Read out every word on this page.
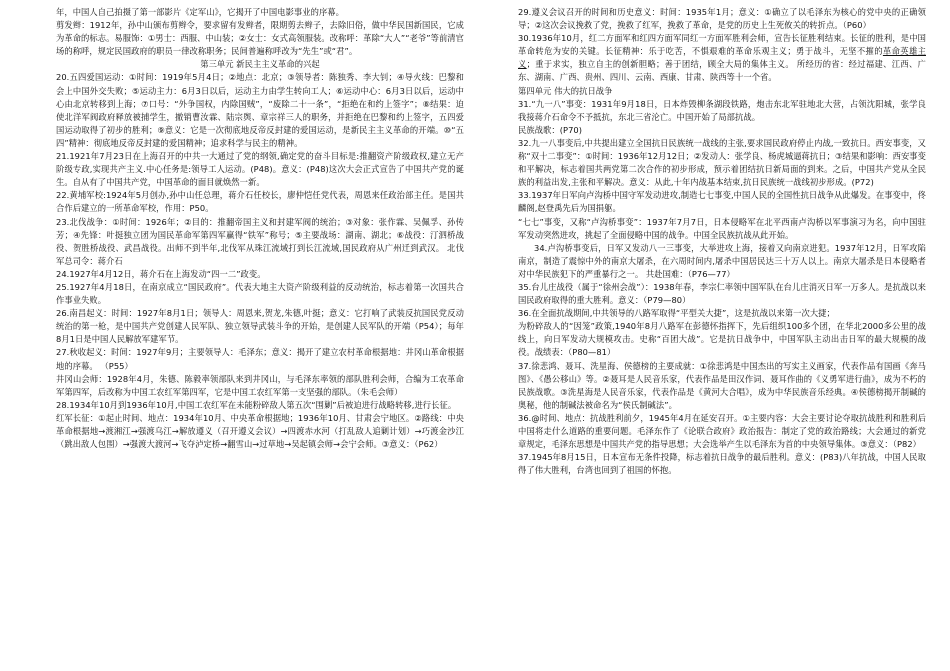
年，中国人自己拍摄了第一部影片《定军山》，它揭开了中国电影事业的序幕。

剪发辫：1912年，孙中山颁布剪辫令，要求留有发辫者，限期剪去辫子，去除旧俗，做中华民国新国民，它成为革命的标志。易服饰：①男士：西服、中山装；②女士：女式高领服装。改称呼：革除“大人”“老爷”等前清官场的称呼，规定民国政府的职员一律改称职务；民间普遍称呼改为“先生”或“君”。

第三单元 新民主主义革命的兴起

20.五四爱国运动：①时间：1919年5月4日；②地点：北京；③领导者：陈独秀、李大钊；④导火线：巴黎和会上中国外交失败；⑤运动主力：6月3日以后，运动主力由学生转向工人；⑥运动中心：6月3日以后，运动中心由北京转移到上海；⑦口号：“外争国权，内除国贼”，“废除二十一条”，“拒绝在和约上签字”；⑧结果：迫使北洋军阀政府释放被捕学生，撤销曹汝霖、陆宗舆、章宗祥三人的职务，并拒绝在巴黎和约上签字，五四爱国运动取得了初步的胜利；⑨意义：它是一次彻底地反帝反封建的爱国运动，是新民主主义革命的开端。⑩“五四”精神：彻底地反帝反封建的爱国精神；追求科学与民主的精神。

21.1921年7月23日在上海召开的中共一大通过了党的纲领,确定党的奋斗目标是:推翻资产阶级政权,建立无产阶级专政,实现共产主义.中心任务是:领导工人运动。(P48)。意义：(P48)这次大会正式宣告了中国共产党的诞生。自从有了中国共产党，中国革命的面目就焕然一新。

22.黄埔军校:1924年5月创办,孙中山任总理，蒋介石任校长，廖仲恺任党代表，周恩来任政治部主任。是国共合作后建立的一所革命军校，作用：P50。

23.北伐战争：①时间：1926年；②目的：推翻帝国主义和封建军阀的统治；③对象：张作霖、吴佩孚、孙传芳；④先锋：叶挺独立团为国民革命军第四军赢得“铁军”称号；⑤主要战场：湖南、湖北；⑥战役：汀泗桥战役、贺胜桥战役、武昌战役。出师不到半年,北伐军从珠江流域打到长江流域,国民政府从广州迁到武汉。 北伐军总司令：蒋介石

24.1927年4月12日，蒋介石在上海发动“四一二”政变。

25.1927年4月18日，在南京成立“国民政府”。代表大地主大资产阶级利益的反动统治，标志着第一次国共合作事业失败。

26.南昌起义：时间：1927年8月1日；领导人：周恩来,贺龙,朱德,叶挺；意义：它打响了武装反抗国民党反动统治的第一枪，是中国共产党创建人民军队、独立领导武装斗争的开始，是创建人民军队的开端（P54）；每年8月1日是中国人民解放军建军节。

27.秋收起义：时间：1927年9月；主要领导人：毛泽东；意义：揭开了建立农村革命根据地：井冈山革命根据地的序幕。 （P55）

井冈山会师：1928年4月，朱德、陈毅率领部队来到井冈山，与毛泽东率领的部队胜利会师，合编为工农革命军第四军，后改称为中国工农红军第四军，它是中国工农红军第一支坚强的部队。（朱毛会师）

28.1934年10月到1936年10月,中国工农红军在未能粉碎敌人第五次“围剿”后被迫进行战略转移,进行长征。

红军长征：①起止时间、地点：1934年10月、中央革命根据地；1936年10月、甘肃会宁地区。②路线：中央革命根据地→渡湘江→强渡乌江→解放遵义（召开遵义会议）→四渡赤水河（打乱敌人追剿计划）→巧渡金沙江（跳出敌人包围）→强渡大渡河→飞夺泸定桥→翻雪山→过草地→吴起镇会师→会宁会师。③意义：（P62）

29.遵义会议召开的时间和历史意义：时间：1935年1月；意义：①确立了以毛泽东为核心的党中央的正确领导；②这次会议挽救了党，挽救了红军，挽救了革命，是党的历史上生死攸关的转折点。（P60）

30.1936年10月，红二方面军和红四方面军同红一方面军胜利会师，宣告长征胜利结束。长征的胜利，是中国革命转危为安的关键。长征精神：乐于吃苦，不惧艰难的革命乐观主义；勇于战斗，无坚不摧的革命英雄主义；重于求实，独立自主的创新胆略；善于团结，顾全大局的集体主义。 所经历的省：经过福建、江西、广东、湖南、广西、贵州、四川、云南、西康、甘肃、陕西等十一个省。

第四单元 伟大的抗日战争

31.“九一八”事变：1931年9月18日，日本炸毁柳条湖段铁路，炮击东北军驻地北大营，占领沈阳城，张学良我接蒋介石命令不予抵抗，东北三省沦亡。中国开始了局部抗战。

民族战歌：(P70)

32.九一八事变后,中共提出建立全国抗日民族统一战线的主张,要求国民政府停止内战,一致抗日。西安事变，又称“双十二事变”：①时间：1936年12月12日；②发动人：张学良、杨虎城逼蒋抗日；③结果和影响：西安事变和平解决，标志着国共两党第二次合作的初步形成，预示着团结抗日新局面的到来。之后，中国共产党从全民族的利益出发,主张和平解决。意义：从此,十年内战基本结束,抗日民族统一战线初步形成。(P72)

33.1937年日军向卢沟桥中国守军发动进攻,制造七七事变,中国人民的全国性抗日战争从此爆发。在事变中，佟麟阁,赵登禹先后为国捐躯。

“七七”事变，又称“卢沟桥事变”：1937年7月7日，日本侵略军在北平西南卢沟桥以军事演习为名，向中国驻军发动突然进攻，挑起了全面侵略中国的战争。中国全民族抗战从此开始。

34.卢沟桥事变后，日军又发动八一三事变，大举进攻上海，接着又向南京进犯。1937年12月，日军攻陷南京，制造了震惊中外的南京大屠杀，在六周时间内,屠杀中国居民达三十万人以上。南京大屠杀是日本侵略者对中华民族犯下的严重暴行之一。 共赴国难：（P76—77）

35.台儿庄战役（属于“徐州会战”）：1938年春，李宗仁率领中国军队在台儿庄消灭日军一万多人。是抗战以来国民政府取得的重大胜利。意义：（P79—80）

36.在全面抗战期间,中共领导的八路军取得“平型关大捷”，这是抗战以来第一次大捷；

为粉碎敌人的“因笼”政策,1940年8月八路军在彭德怀指挥下，先后组织100多个团，在华北2000多公里的战线上，向日军发动大规模攻击。史称“百团大战”。它是抗日战争中，中国军队主动出击日军的最大规模的战役。战绩表：（P80—81）

37.徐悲鸿、聂耳、洗星海、侯德榜的主要成就：①徐悲鸿是中国杰出的写实主义画家，代表作品有国画《奔马图》、《愚公移山》等。②聂耳是人民音乐家，代表作品是田汉作词、聂耳作曲的《义勇军进行曲》，成为不朽的民族战歌。③洗星海是人民音乐家，代表作品是《黄河大合唱》，成为中华民族音乐经典。④侯德榜揭开制碱的奥秘，他的制碱法被命名为“侯氏制碱法”。

36.@时间、地点：抗战胜利前夕，1945年4月在延安召开。①主要内容：大会主要讨论夺取抗战胜利和胜利后中国将走什么道路的重要问题。毛泽东作了《论联合政府》政治报告：制定了党的政治路线；大会通过的新党章规定，毛泽东思想是中国共产党的指导思想；大会选举产生以毛泽东为首的中央领导集体。③意义：（P82）

37.1945年8月15日，日本宣布无条件投降，标志着抗日战争的最后胜利。意义：(P83)八年抗战，中国人民取得了伟大胜利，台湾也回到了祖国的怀抱。
